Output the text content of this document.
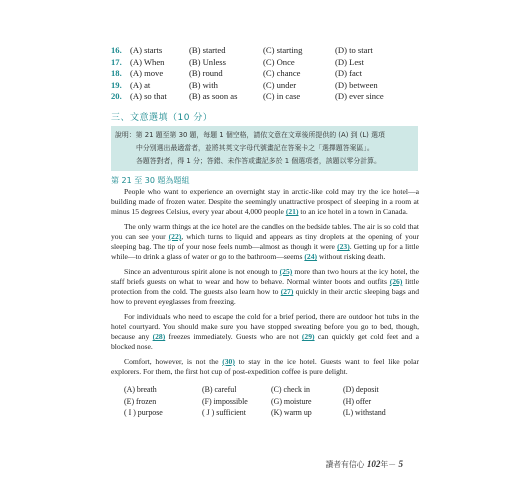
16. (A) starts	(B) started	(C) starting	(D) to start
17. (A) When	(B) Unless	(C) Once	(D) Lest
18. (A) move	(B) round	(C) chance	(D) fact
19. (A) at	(B) with	(C) under	(D) between
20. (A) so that	(B) as soon as	(C) in case	(D) ever since
三、文意選填（10 分）

說明：第 21 題至第 30 題，每題 1 個空格，請依文意在文章後所提供的 (A) 到 (L) 選項

中分別選出最適當者，並將其英文字母代號畫記在答案卡之「選擇題答案區」。

各題答對者，得 1 分；答錯、未作答或畫記多於 1 個選項者，該題以零分計算。

第 21 至 30 題為題組

People who want to experience an overnight stay in arctic-like cold may try the ice hotel—a building made of frozen water. Despite the seemingly unattractive prospect of sleeping in a room at minus 15 degrees Celsius, every year about 4,000 people (21) to an ice hotel in a town in Canada.

The only warm things at the ice hotel are the candles on the bedside tables. The air is so cold that you can see your (22), which turns to liquid and appears as tiny droplets at the opening of your sleeping bag. The tip of your nose feels numb—almost as though it were (23). Getting up for a little while—to drink a glass of water or go to the bathroom—seems (24) without risking death.

Since an adventurous spirit alone is not enough to (25) more than two hours at the icy hotel, the staff briefs guests on what to wear and how to behave. Normal winter boots and outfits (26) little protection from the cold. The guests also learn how to (27) quickly in their arctic sleeping bags and how to prevent eyeglasses from freezing.

For individuals who need to escape the cold for a brief period, there are outdoor hot tubs in the hotel courtyard. You should make sure you have stopped sweating before you go to bed, though, because any (28) freezes immediately. Guests who are not (29) can quickly get cold feet and a blocked nose.

Comfort, however, is not the (30) to stay in the ice hotel. Guests want to feel like polar explorers. For them, the first hot cup of post-expedition coffee is pure delight.

(A) breath	(B) careful	(C) check in	(D) deposit
(E) frozen	(F) impossible	(G) moisture	(H) offer
( I ) purpose	( J ) sufficient	(K) warm up	(L) withstand
讀者有信心 102年－ 5
